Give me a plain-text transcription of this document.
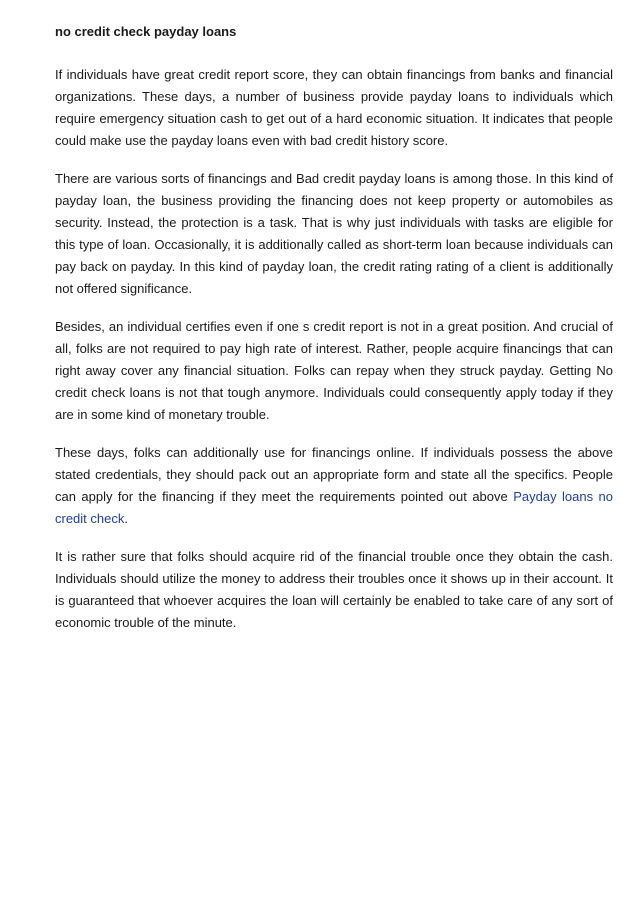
no credit check payday loans

If individuals have great credit report score, they can obtain financings from banks and financial organizations. These days, a number of business provide payday loans to individuals which require emergency situation cash to get out of a hard economic situation. It indicates that people could make use the payday loans even with bad credit history score.

There are various sorts of financings and Bad credit payday loans is among those. In this kind of payday loan, the business providing the financing does not keep property or automobiles as security. Instead, the protection is a task. That is why just individuals with tasks are eligible for this type of loan. Occasionally, it is additionally called as short-term loan because individuals can pay back on payday. In this kind of payday loan, the credit rating rating of a client is additionally not offered significance.

Besides, an individual certifies even if one s credit report is not in a great position. And crucial of all, folks are not required to pay high rate of interest. Rather, people acquire financings that can right away cover any financial situation. Folks can repay when they struck payday. Getting No credit check loans is not that tough anymore. Individuals could consequently apply today if they are in some kind of monetary trouble.

These days, folks can additionally use for financings online. If individuals possess the above stated credentials, they should pack out an appropriate form and state all the specifics. People can apply for the financing if they meet the requirements pointed out above Payday loans no credit check.

It is rather sure that folks should acquire rid of the financial trouble once they obtain the cash. Individuals should utilize the money to address their troubles once it shows up in their account. It is guaranteed that whoever acquires the loan will certainly be enabled to take care of any sort of economic trouble of the minute.
